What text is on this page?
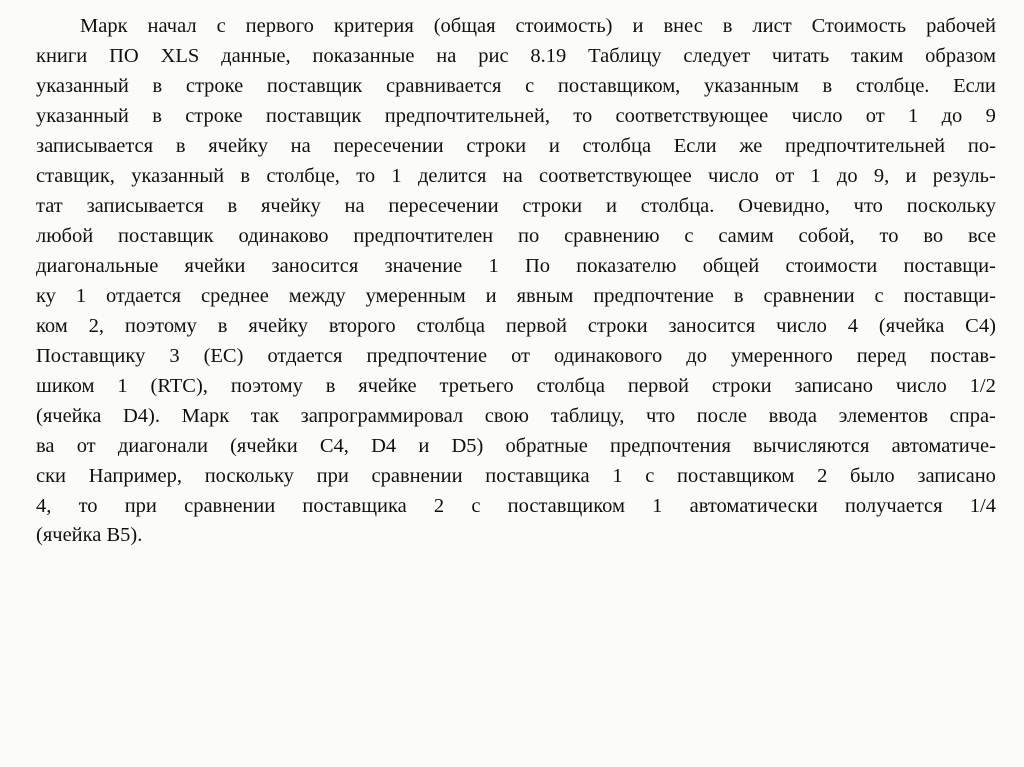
Марк начал с первого критерия (общая стоимость) и внес в лист Стоимость рабочей
книги ПО XLS данные, показанные на рис 8.19 Таблицу следует читать таким образом
указанный в строке поставщик сравнивается с поставщиком, указанным в столбце. Если
указанный в строке поставщик предпочтительней, то соответствующее число от 1 до 9
записывается в ячейку на пересечении строки и столбца Если же предпочтительней по-
ставщик, указанный в столбце, то 1 делится на соответствующее число от 1 до 9, и резуль-
тат записывается в ячейку на пересечении строки и столбца. Очевидно, что поскольку
любой поставщик одинаково предпочтителен по сравнению с самим собой, то во все
диагональные ячейки заносится значение 1 По показателю общей стоимости поставщи-
ку 1 отдается среднее между умеренным и явным предпочтение в сравнении с поставщи-
ком 2, поэтому в ячейку второго столбца первой строки заносится число 4 (ячейка С4)
Поставщику 3 (ЕС) отдается предпочтение от одинакового до умеренного перед постав-
шиком 1 (RTC), поэтому в ячейке третьего столбца первой строки записано число 1/2
(ячейка D4). Марк так запрограммировал свою таблицу, что после ввода элементов спра-
ва от диагонали (ячейки С4, D4 и D5) обратные предпочтения вычисляются автоматиче-
ски Например, поскольку при сравнении поставщика 1 с поставщиком 2 было записано
4, то при сравнении поставщика 2 с поставщиком 1 автоматически получается 1/4
(ячейка В5).
